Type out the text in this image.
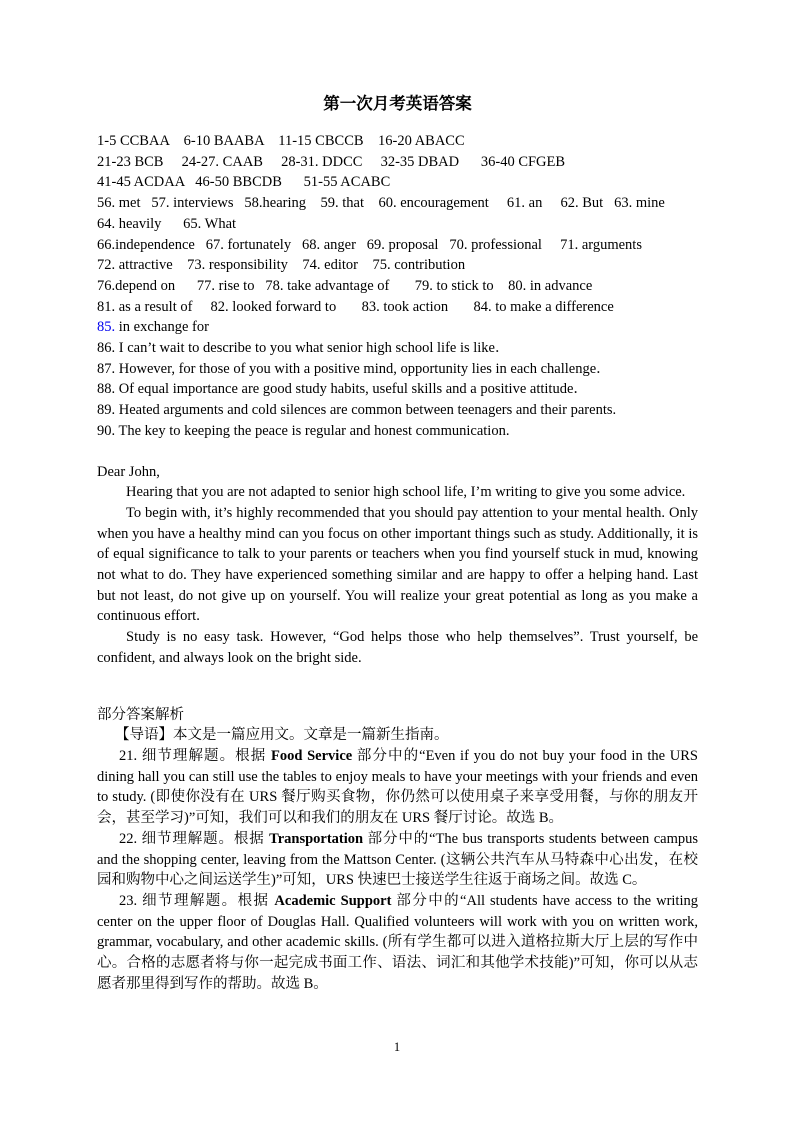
第一次月考英语答案
1-5 CCBAA    6-10 BAABA    11-15 CBCCB    16-20 ABACC
21-23 BCB     24-27. CAAB     28-31. DDCC     32-35 DBAD      36-40 CFGEB
41-45 ACDAA   46-50 BBCDB      51-55 ACABC
56. met   57. interviews   58.hearing    59. that    60. encouragement     61. an     62. But   63. mine
64. heavily      65. What
66.independence   67. fortunately   68. anger   69. proposal   70. professional     71. arguments
72. attractive    73. responsibility    74. editor    75. contribution
76.depend on      77. rise to   78. take advantage of       79. to stick to    80. in advance
81. as a result of     82. looked forward to       83. took action       84. to make a difference
85. in exchange for
86. I can’t wait to describe to you what senior high school life is like．
87. However, for those of you with a positive mind, opportunity lies in each challenge．
88. Of equal importance are good study habits, useful skills and a positive attitude．
89. Heated arguments and cold silences are common between teenagers and their parents.
90. The key to keeping the peace is regular and honest communication.
Dear John,

Hearing that you are not adapted to senior high school life, I’m writing to give you some advice.

To begin with, it’s highly recommended that you should pay attention to your mental health. Only when you have a healthy mind can you focus on other important things such as study. Additionally, it is of equal significance to talk to your parents or teachers when you find yourself stuck in mud, knowing not what to do. They have experienced something similar and are happy to offer a helping hand. Last but not least, do not give up on yourself. You will realize your great potential as long as you make a continuous effort.

Study is no easy task. However, “God helps those who help themselves”. Trust yourself, be confident, and always look on the bright side.

部分答案解析
【导语】本文是一篇应用文。文章是一篇新生指南。

21. 细节理解题。根据 Food Service 部分中的“Even if you do not buy your food in the URS dining hall you can still use the tables to enjoy meals to have your meetings with your friends and even to study. (即使你没有在 URS 餐厅购买食物，你仍然可以使用桌子来享受用餐，与你的朋友开会，甚至学习)”可知，我们可以和我们的朋友在 URS 餐厅讨论。故选 B。

22. 细节理解题。根据 Transportation 部分中的“The bus transports students between campus and the shopping center, leaving from the Mattson Center. (这辆公共汽车从马特森中心出发，在校园和购物中心之间运送学生)”可知，URS 快速巴士接送学生往返于商场之间。故选 C。

23. 细节理解题。根据 Academic Support 部分中的“All students have access to the writing center on the upper floor of Douglas Hall. Qualified volunteers will work with you on written work, grammar, vocabulary, and other academic skills. (所有学生都可以进入道格拉斯大厅上层的写作中心。合格的志愿者将与你一起完成书面工作、语法、词汇和其他学术技能)”可知，你可以从志愿者那里得到写作的帮助。故选 B。

1
